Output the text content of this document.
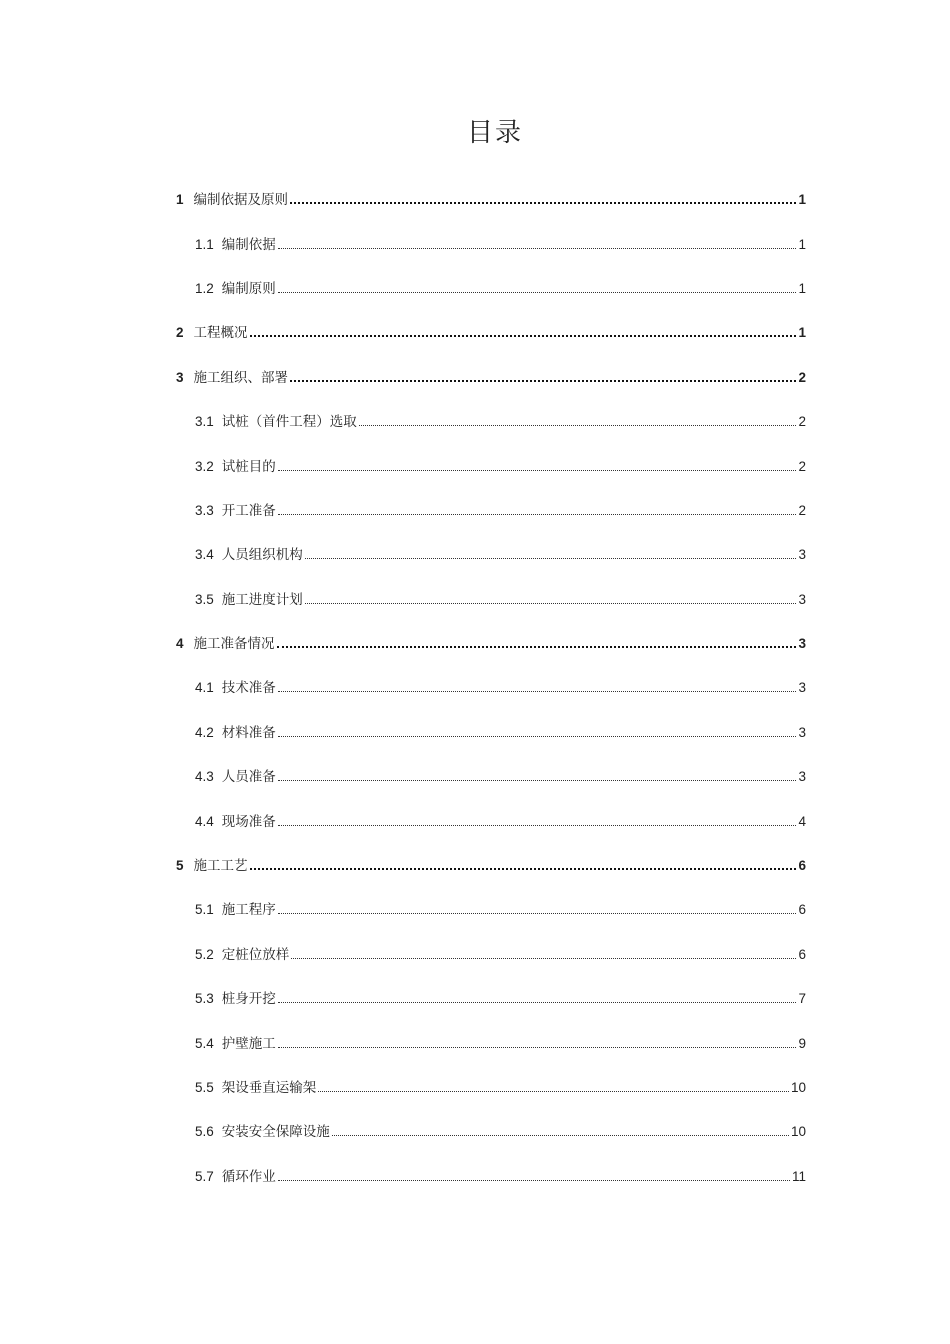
目录
1 编制依据及原则	1
1.1 编制依据	1
1.2 编制原则	1
2 工程概况	1
3 施工组织、部署	2
3.1 试桩（首件工程）选取	2
3.2 试桩目的	2
3.3 开工准备	2
3.4 人员组织机构	3
3.5 施工进度计划	3
4 施工准备情况	3
4.1 技术准备	3
4.2 材料准备	3
4.3 人员准备	3
4.4 现场准备	4
5 施工工艺	6
5.1 施工程序	6
5.2 定桩位放样	6
5.3 桩身开挖	7
5.4 护壁施工	9
5.5 架设垂直运输架	10
5.6 安装安全保障设施	10
5.7 循环作业	11
